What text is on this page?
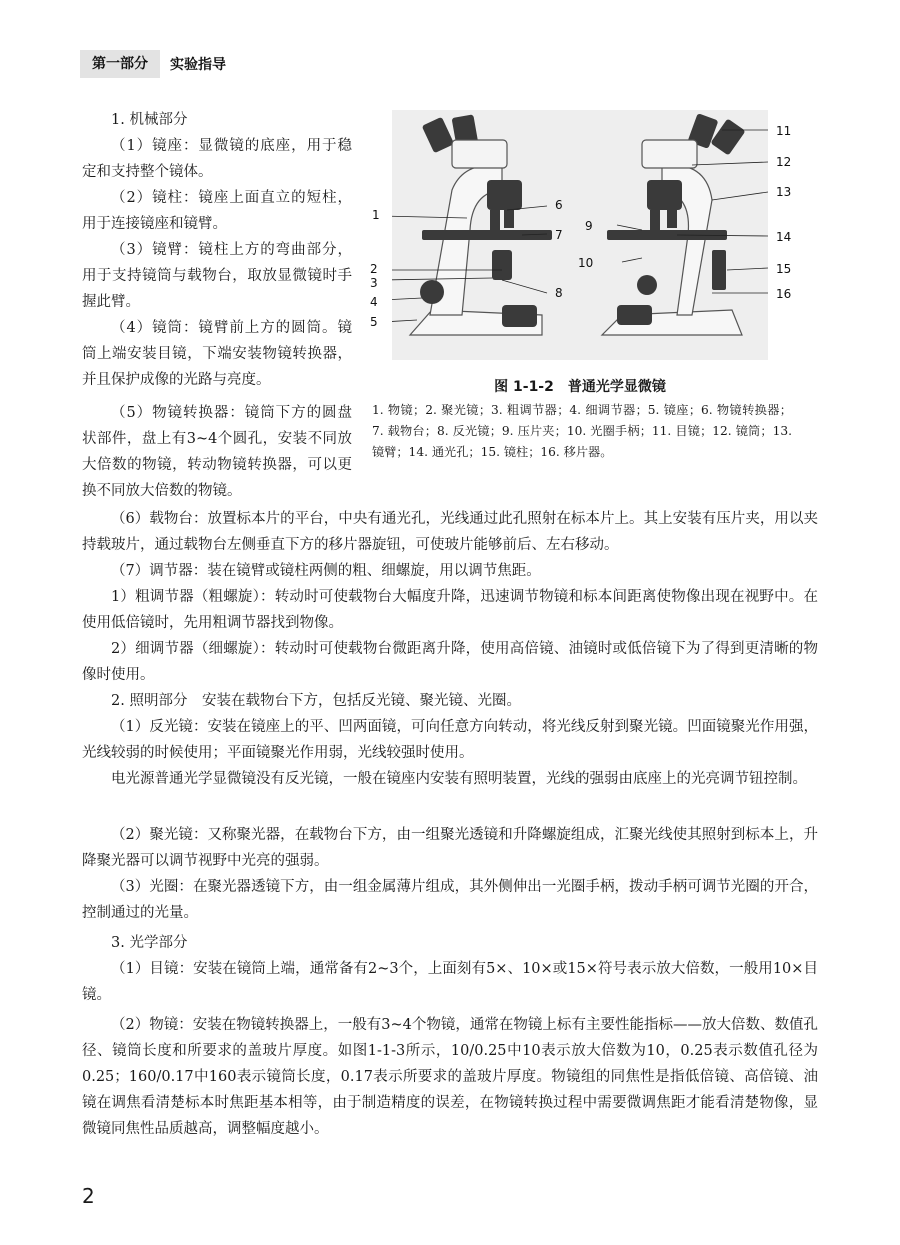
第一部分	实验指导

1. 机械部分

（1）镜座：显微镜的底座，用于稳定和支持整个镜体。

（2）镜柱：镜座上面直立的短柱，用于连接镜座和镜臂。

（3）镜臂：镜柱上方的弯曲部分，用于支持镜筒与载物台，取放显微镜时手握此臂。

（4）镜筒：镜臂前上方的圆筒。镜筒上端安装目镜，下端安装物镜转换器，并且保护成像的光路与亮度。

（5）物镜转换器：镜筒下方的圆盘状部件，盘上有3~4个圆孔，安装不同放大倍数的物镜，转动物镜转换器，可以更换不同放大倍数的物镜。

1
2
3
4
5
6
7
8
9
10
11
12
13
14
15
16

图 1-1-2　普通光学显微镜

1. 物镜；2. 聚光镜；3. 粗调节器；4. 细调节器；5. 镜座；6. 物镜转换器；7. 载物台；8. 反光镜；9. 压片夹；10. 光圈手柄；11. 目镜；12. 镜筒；13. 镜臂；14. 通光孔；15. 镜柱；16. 移片器。

（6）载物台：放置标本片的平台，中央有通光孔，光线通过此孔照射在标本片上。其上安装有压片夹，用以夹持载玻片，通过载物台左侧垂直下方的移片器旋钮，可使玻片能够前后、左右移动。

（7）调节器：装在镜臂或镜柱两侧的粗、细螺旋，用以调节焦距。

1）粗调节器（粗螺旋）：转动时可使载物台大幅度升降，迅速调节物镜和标本间距离使物像出现在视野中。在使用低倍镜时，先用粗调节器找到物像。

2）细调节器（细螺旋）：转动时可使载物台微距离升降，使用高倍镜、油镜时或低倍镜下为了得到更清晰的物像时使用。

2. 照明部分　安装在载物台下方，包括反光镜、聚光镜、光圈。

（1）反光镜：安装在镜座上的平、凹两面镜，可向任意方向转动，将光线反射到聚光镜。凹面镜聚光作用强，光线较弱的时候使用；平面镜聚光作用弱，光线较强时使用。

电光源普通光学显微镜没有反光镜，一般在镜座内安装有照明装置，光线的强弱由底座上的光亮调节钮控制。

（2）聚光镜：又称聚光器，在载物台下方，由一组聚光透镜和升降螺旋组成，汇聚光线使其照射到标本上，升降聚光器可以调节视野中光亮的强弱。

（3）光圈：在聚光器透镜下方，由一组金属薄片组成，其外侧伸出一光圈手柄，拨动手柄可调节光圈的开合，控制通过的光量。

3. 光学部分

（1）目镜：安装在镜筒上端，通常备有2~3个，上面刻有5×、10×或15×符号表示放大倍数，一般用10×目镜。

（2）物镜：安装在物镜转换器上，一般有3~4个物镜，通常在物镜上标有主要性能指标——放大倍数、数值孔径、镜筒长度和所要求的盖玻片厚度。如图1-1-3所示，10/0.25中10表示放大倍数为10，0.25表示数值孔径为0.25；160/0.17中160表示镜筒长度，0.17表示所要求的盖玻片厚度。物镜组的同焦性是指低倍镜、高倍镜、油镜在调焦看清楚标本时焦距基本相等，由于制造精度的误差，在物镜转换过程中需要微调焦距才能看清楚物像，显微镜同焦性品质越高，调整幅度越小。

2
